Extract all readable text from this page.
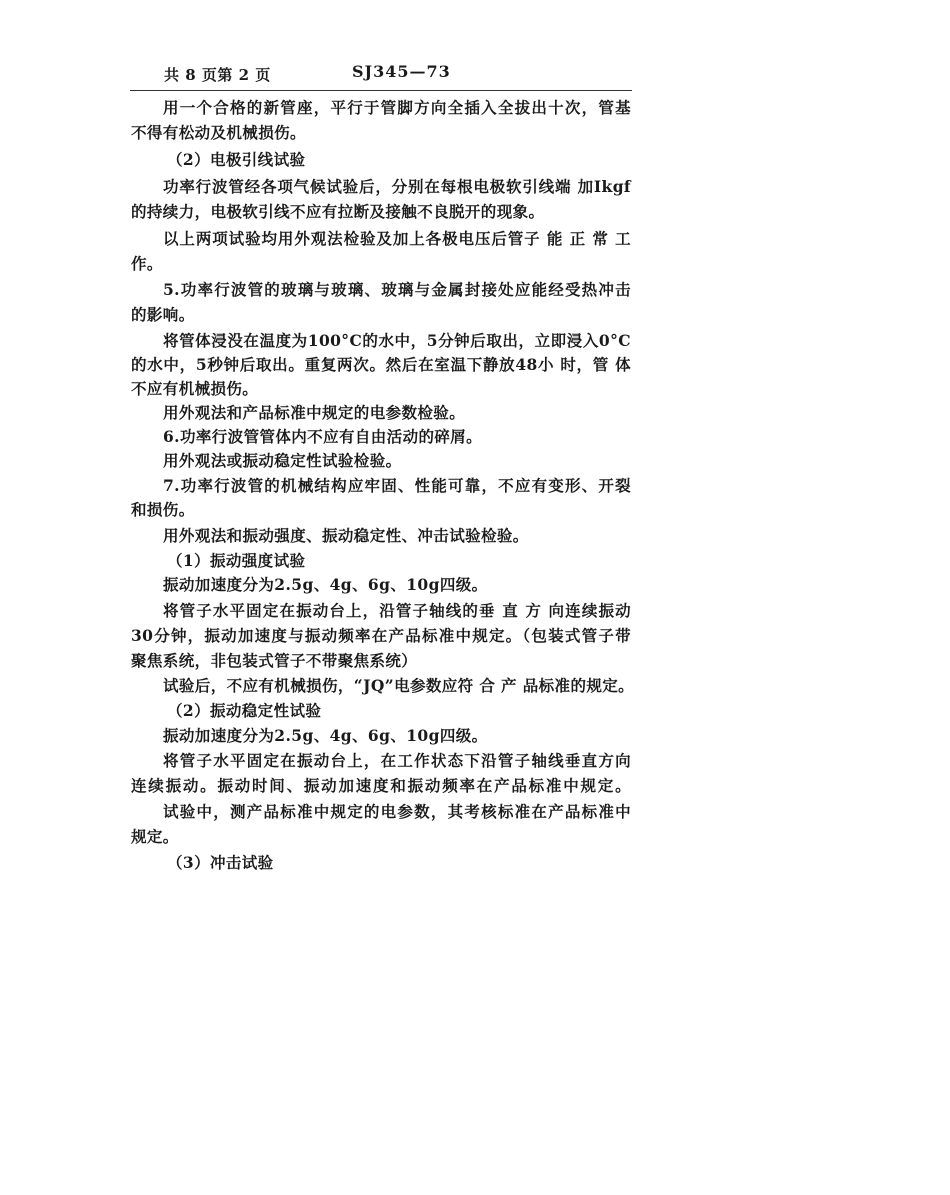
共 8 页第 2 页	SJ345—73
用一个合格的新管座，平行于管脚方向全插入全拔出十次，管基
不得有松动及机械损伤。
（2）电极引线试验
功率行波管经各项气候试验后，分别在每根电极软引线端 加Ikgf
的持续力，电极软引线不应有拉断及接触不良脱开的现象。
以上两项试验均用外观法检验及加上各极电压后管子 能 正 常 工
作。
5.功率行波管的玻璃与玻璃、玻璃与金属封接处应能经受热冲击
的影响。
将管体浸没在温度为100°C的水中，5分钟后取出，立即浸入0°C
的水中，5秒钟后取出。重复两次。然后在室温下静放48小 时，管 体
不应有机械损伤。
用外观法和产品标准中规定的电参数检验。
6.功率行波管管体内不应有自由活动的碎屑。
用外观法或振动稳定性试验检验。
7.功率行波管的机械结构应牢固、性能可靠，不应有变形、开裂
和损伤。
用外观法和振动强度、振动稳定性、冲击试验检验。
（1）振动强度试验
振动加速度分为2.5g、4g、6g、10g四级。
将管子水平固定在振动台上，沿管子轴线的垂 直 方 向连续振动
30分钟，振动加速度与振动频率在产品标准中规定。（包装式管子带
聚焦系统，非包装式管子不带聚焦系统）
试验后，不应有机械损伤，“JQ”电参数应符 合 产 品标准的规定。
（2）振动稳定性试验
振动加速度分为2.5g、4g、6g、10g四级。
将管子水平固定在振动台上，在工作状态下沿管子轴线垂直方向
连续振动。振动时间、振动加速度和振动频率在产品标准中规定。
试验中，测产品标准中规定的电参数，其考核标准在产品标准中
规定。
（3）冲击试验
